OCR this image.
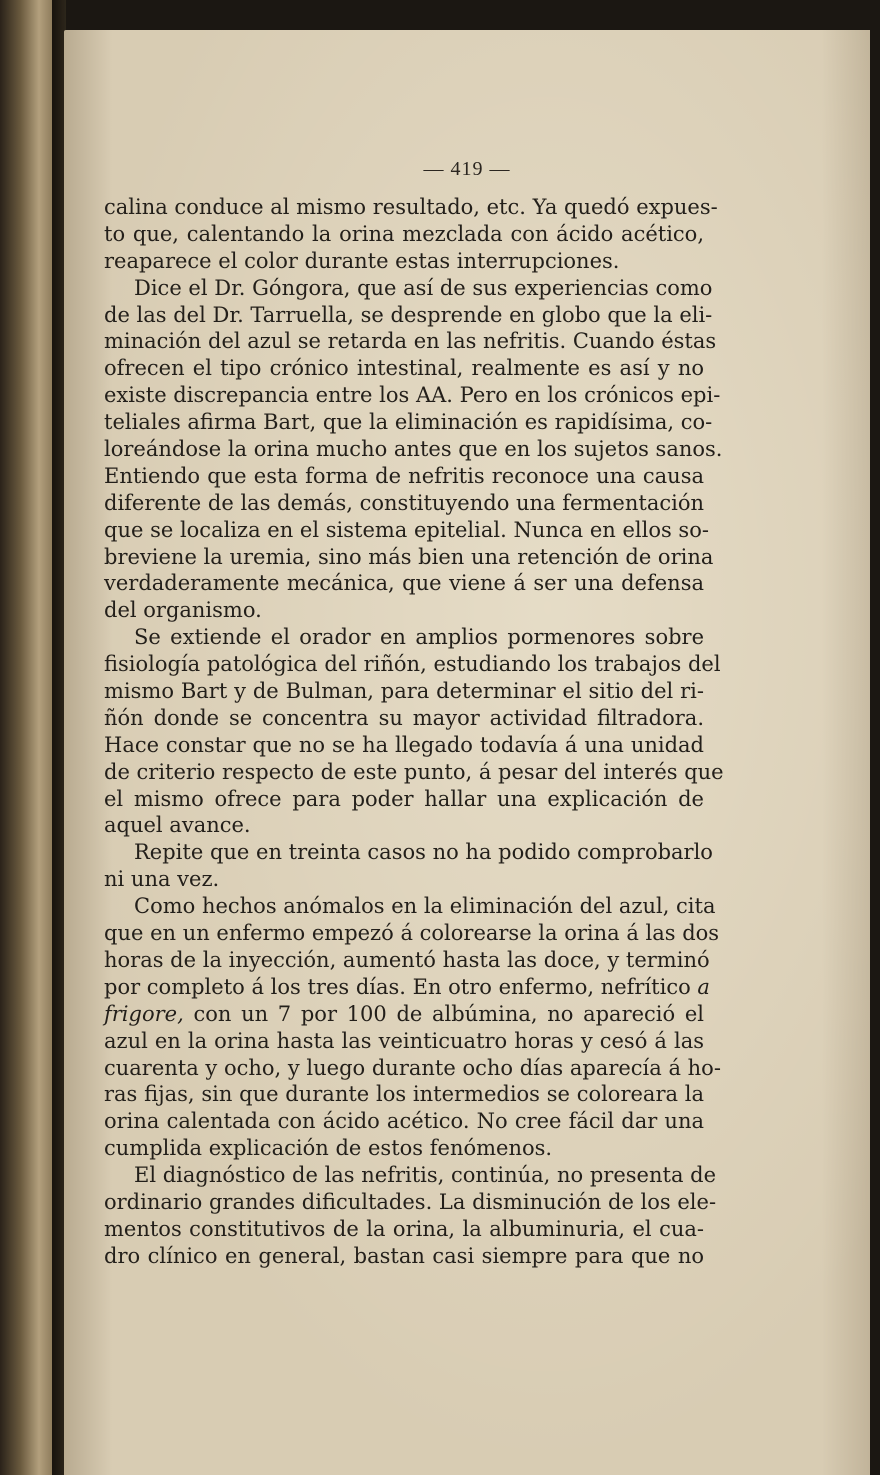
— 419 —
calina conduce al mismo resultado, etc. Ya quedó expues-
to que, calentando la orina mezclada con ácido acético,
reaparece el color durante estas interrupciones.
Dice el Dr. Góngora, que así de sus experiencias como
de las del Dr. Tarruella, se desprende en globo que la eli-
minación del azul se retarda en las nefritis. Cuando éstas
ofrecen el tipo crónico intestinal, realmente es así y no
existe discrepancia entre los AA. Pero en los crónicos epi-
teliales afirma Bart, que la eliminación es rapidísima, co-
loreándose la orina mucho antes que en los sujetos sanos.
Entiendo que esta forma de nefritis reconoce una causa
diferente de las demás, constituyendo una fermentación
que se localiza en el sistema epitelial. Nunca en ellos so-
breviene la uremia, sino más bien una retención de orina
verdaderamente mecánica, que viene á ser una defensa
del organismo.
Se extiende el orador en amplios pormenores sobre
fisiología patológica del riñón, estudiando los trabajos del
mismo Bart y de Bulman, para determinar el sitio del ri-
ñón donde se concentra su mayor actividad filtradora.
Hace constar que no se ha llegado todavía á una unidad
de criterio respecto de este punto, á pesar del interés que
el mismo ofrece para poder hallar una explicación de
aquel avance.
Repite que en treinta casos no ha podido comprobarlo
ni una vez.
Como hechos anómalos en la eliminación del azul, cita
que en un enfermo empezó á colorearse la orina á las dos
horas de la inyección, aumentó hasta las doce, y terminó
por completo á los tres días. En otro enfermo, nefrítico a
frigore, con un 7 por 100 de albúmina, no apareció el
azul en la orina hasta las veinticuatro horas y cesó á las
cuarenta y ocho, y luego durante ocho días aparecía á ho-
ras fijas, sin que durante los intermedios se coloreara la
orina calentada con ácido acético. No cree fácil dar una
cumplida explicación de estos fenómenos.
El diagnóstico de las nefritis, continúa, no presenta de
ordinario grandes dificultades. La disminución de los ele-
mentos constitutivos de la orina, la albuminuria, el cua-
dro clínico en general, bastan casi siempre para que no
